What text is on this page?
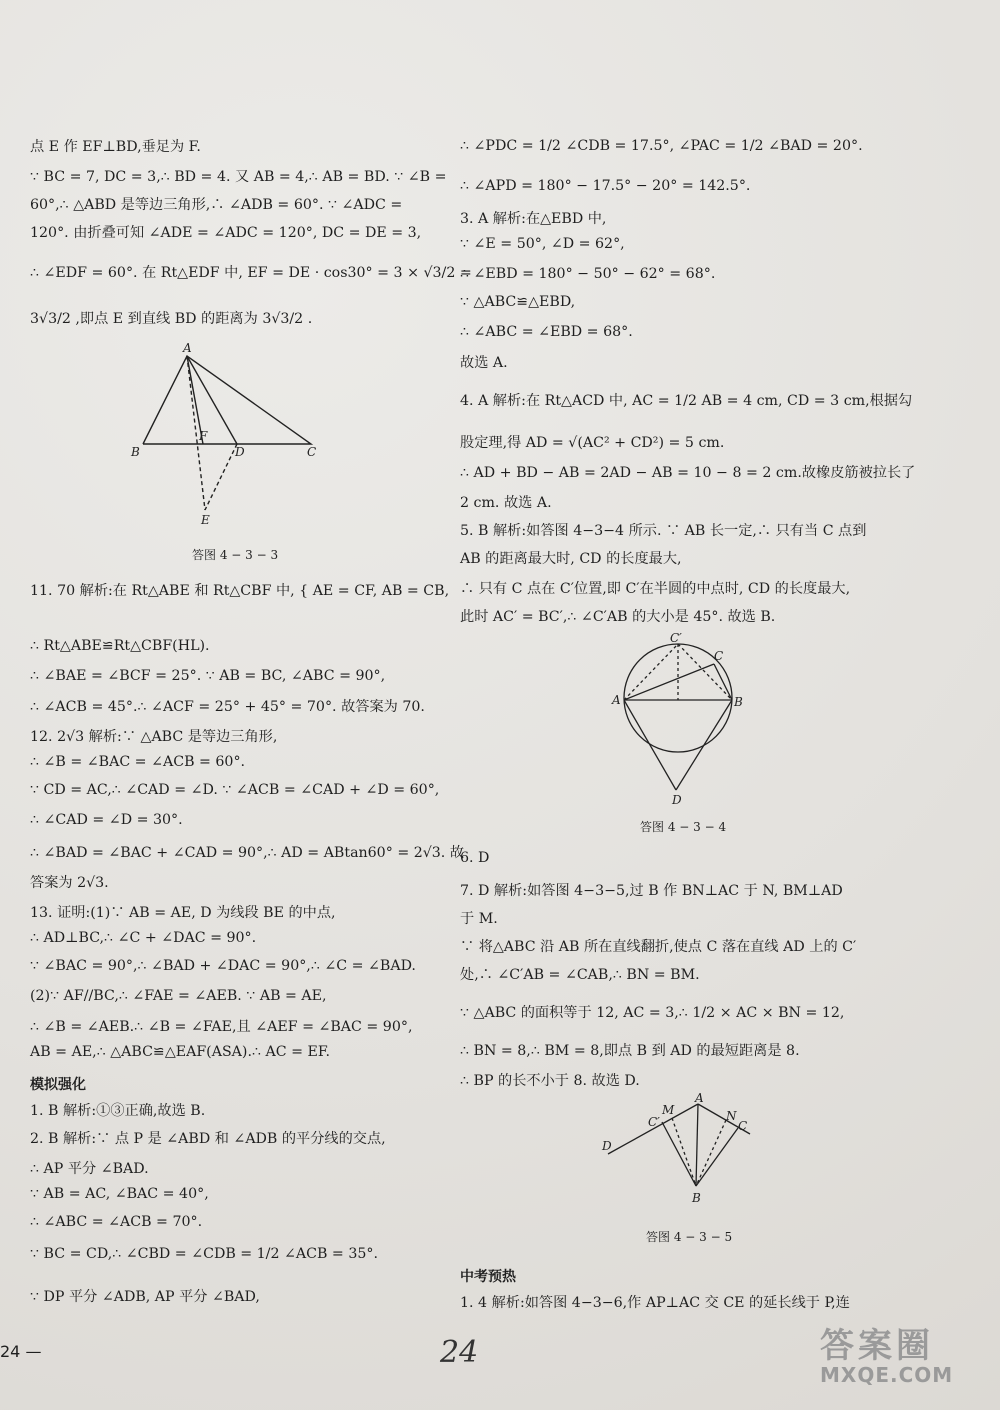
点 E 作 EF⊥BD,垂足为 F.
∵ BC = 7, DC = 3,∴ BD = 4. 又 AB = 4,∴ AB = BD. ∵ ∠B =
60°,∴ △ABD 是等边三角形,∴ ∠ADB = 60°. ∵ ∠ADC =
120°. 由折叠可知 ∠ADE = ∠ADC = 120°, DC = DE = 3,
∴ ∠EDF = 60°. 在 Rt△EDF 中, EF = DE · cos30° = 3 × √3/2 =
3√3/2 ,即点 E 到直线 BD 的距离为 3√3/2 .
11. 70 解析:在 Rt△ABE 和 Rt△CBF 中, { AE = CF, AB = CB,
∴ Rt△ABE≌Rt△CBF(HL).
∴ ∠BAE = ∠BCF = 25°. ∵ AB = BC, ∠ABC = 90°,
∴ ∠ACB = 45°.∴ ∠ACF = 25° + 45° = 70°. 故答案为 70.
12. 2√3 解析:∵ △ABC 是等边三角形,
∴ ∠B = ∠BAC = ∠ACB = 60°.
∵ CD = AC,∴ ∠CAD = ∠D. ∵ ∠ACB = ∠CAD + ∠D = 60°,
∴ ∠CAD = ∠D = 30°.
∴ ∠BAD = ∠BAC + ∠CAD = 90°,∴ AD = ABtan60° = 2√3. 故
答案为 2√3.
13. 证明:(1)∵ AB = AE, D 为线段 BE 的中点,
∴ AD⊥BC,∴ ∠C + ∠DAC = 90°.
∵ ∠BAC = 90°,∴ ∠BAD + ∠DAC = 90°,∴ ∠C = ∠BAD.
(2)∵ AF//BC,∴ ∠FAE = ∠AEB. ∵ AB = AE,
∴ ∠B = ∠AEB.∴ ∠B = ∠FAE,且 ∠AEF = ∠BAC = 90°,
AB = AE,∴ △ABC≌△EAF(ASA).∴ AC = EF.
模拟强化
1. B 解析:①③正确,故选 B.
2. B 解析:∵ 点 P 是 ∠ABD 和 ∠ADB 的平分线的交点,
∴ AP 平分 ∠BAD.
∵ AB = AC, ∠BAC = 40°,
∴ ∠ABC = ∠ACB = 70°.
∵ BC = CD,∴ ∠CBD = ∠CDB = 1/2 ∠ACB = 35°.
∵ DP 平分 ∠ADB, AP 平分 ∠BAD,
A
B	C
D
F
E
答图 4 − 3 − 3
∴ ∠PDC = 1/2 ∠CDB = 17.5°, ∠PAC = 1/2 ∠BAD = 20°.
∴ ∠APD = 180° − 17.5° − 20° = 142.5°.
3. A 解析:在△EBD 中,
∵ ∠E = 50°, ∠D = 62°,
∴ ∠EBD = 180° − 50° − 62° = 68°.
∵ △ABC≌△EBD,
∴ ∠ABC = ∠EBD = 68°.
故选 A.
4. A 解析:在 Rt△ACD 中, AC = 1/2 AB = 4 cm, CD = 3 cm,根据勾
股定理,得 AD = √(AC² + CD²) = 5 cm.
∴ AD + BD − AB = 2AD − AB = 10 − 8 = 2 cm.故橡皮筋被拉长了
2 cm. 故选 A.
5. B 解析:如答图 4−3−4 所示. ∵ AB 长一定,∴ 只有当 C 点到
AB 的距离最大时, CD 的长度最大,
∴ 只有 C 点在 C′位置,即 C′在半圆的中点时, CD 的长度最大,
此时 AC′ = BC′,∴ ∠C′AB 的大小是 45°. 故选 B.
6. D
7. D 解析:如答图 4−3−5,过 B 作 BN⊥AC 于 N, BM⊥AD
于 M.
∵ 将△ABC 沿 AB 所在直线翻折,使点 C 落在直线 AD 上的 C′
处,∴ ∠C′AB = ∠CAB,∴ BN = BM.
∵ △ABC 的面积等于 12, AC = 3,∴ 1/2 × AC × BN = 12,
∴ BN = 8,∴ BM = 8,即点 B 到 AD 的最短距离是 8.
∴ BP 的长不小于 8. 故选 D.
中考预热
1. 4 解析:如答图 4−3−6,作 AP⊥AC 交 CE 的延长线于 P,连
C′
C
A	B
D
答图 4 − 3 − 4
D
C′
M
A
N
C
B
答图 4 − 3 − 5
24 —	24	答案圈
MXQE.COM
